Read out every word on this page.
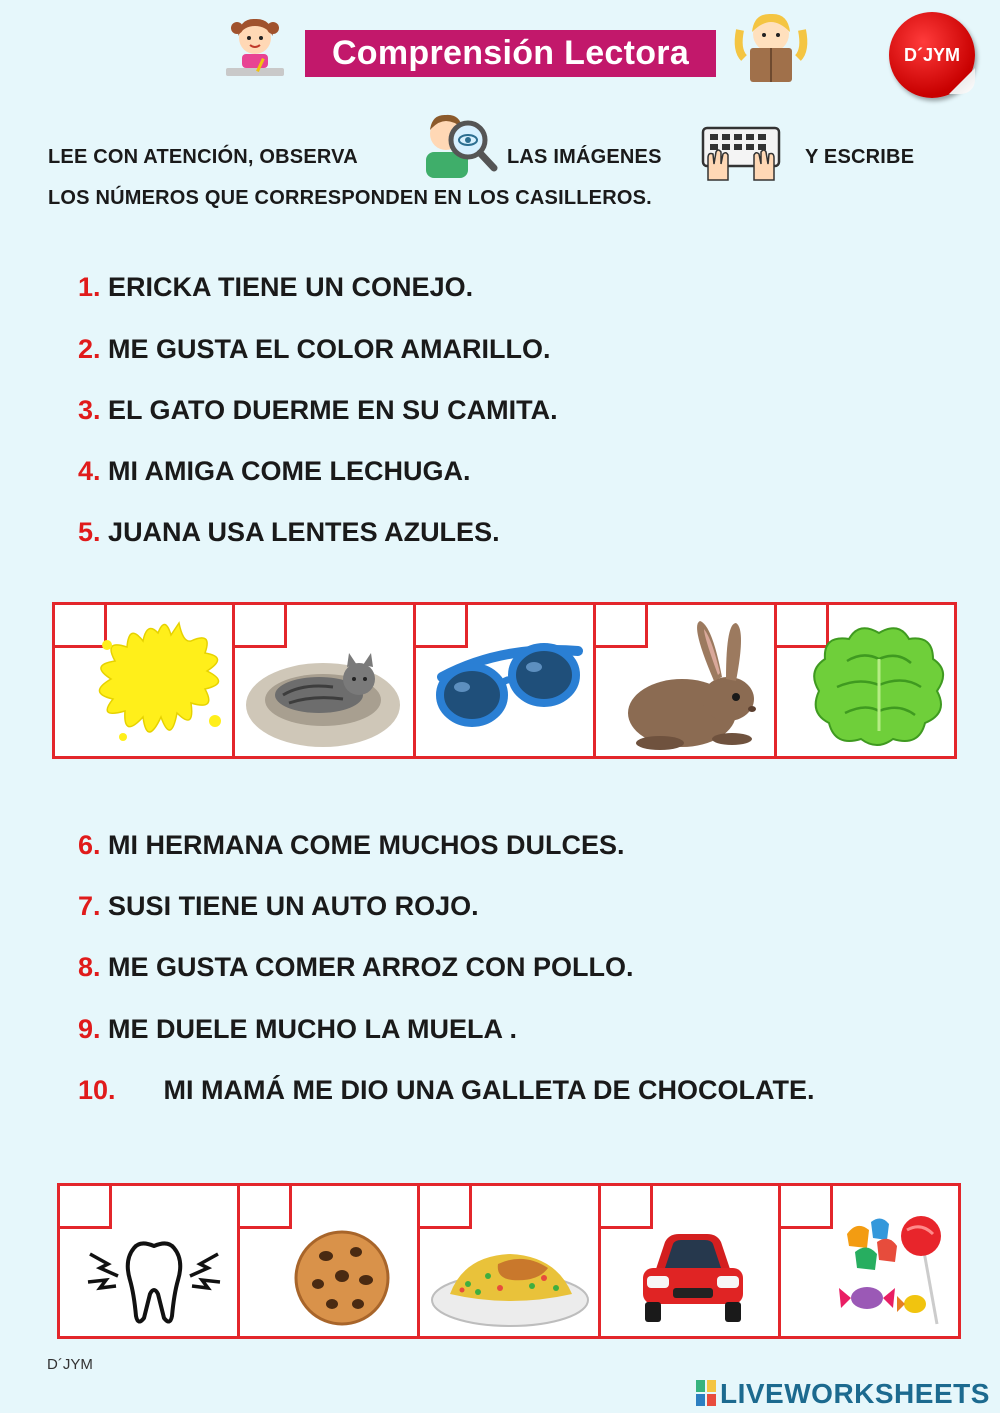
Comprensión Lectora	D´JYM
LEE CON ATENCIÓN, OBSERVA	LAS IMÁGENES	Y ESCRIBE
LOS NÚMEROS QUE CORRESPONDEN EN LOS CASILLEROS.
1. ERICKA TIENE UN CONEJO.
2. ME GUSTA EL COLOR AMARILLO.
3. EL GATO DUERME EN SU CAMITA.
4. MI AMIGA COME LECHUGA.
5. JUANA USA LENTES AZULES.
6. MI HERMANA COME MUCHOS DULCES.
7. SUSI TIENE UN AUTO ROJO.
8. ME GUSTA COMER ARROZ CON POLLO.
9. ME DUELE MUCHO LA MUELA .
10. MI MAMÁ ME DIO UNA GALLETA DE CHOCOLATE.
D´JYM
LIVEWORKSHEETS
